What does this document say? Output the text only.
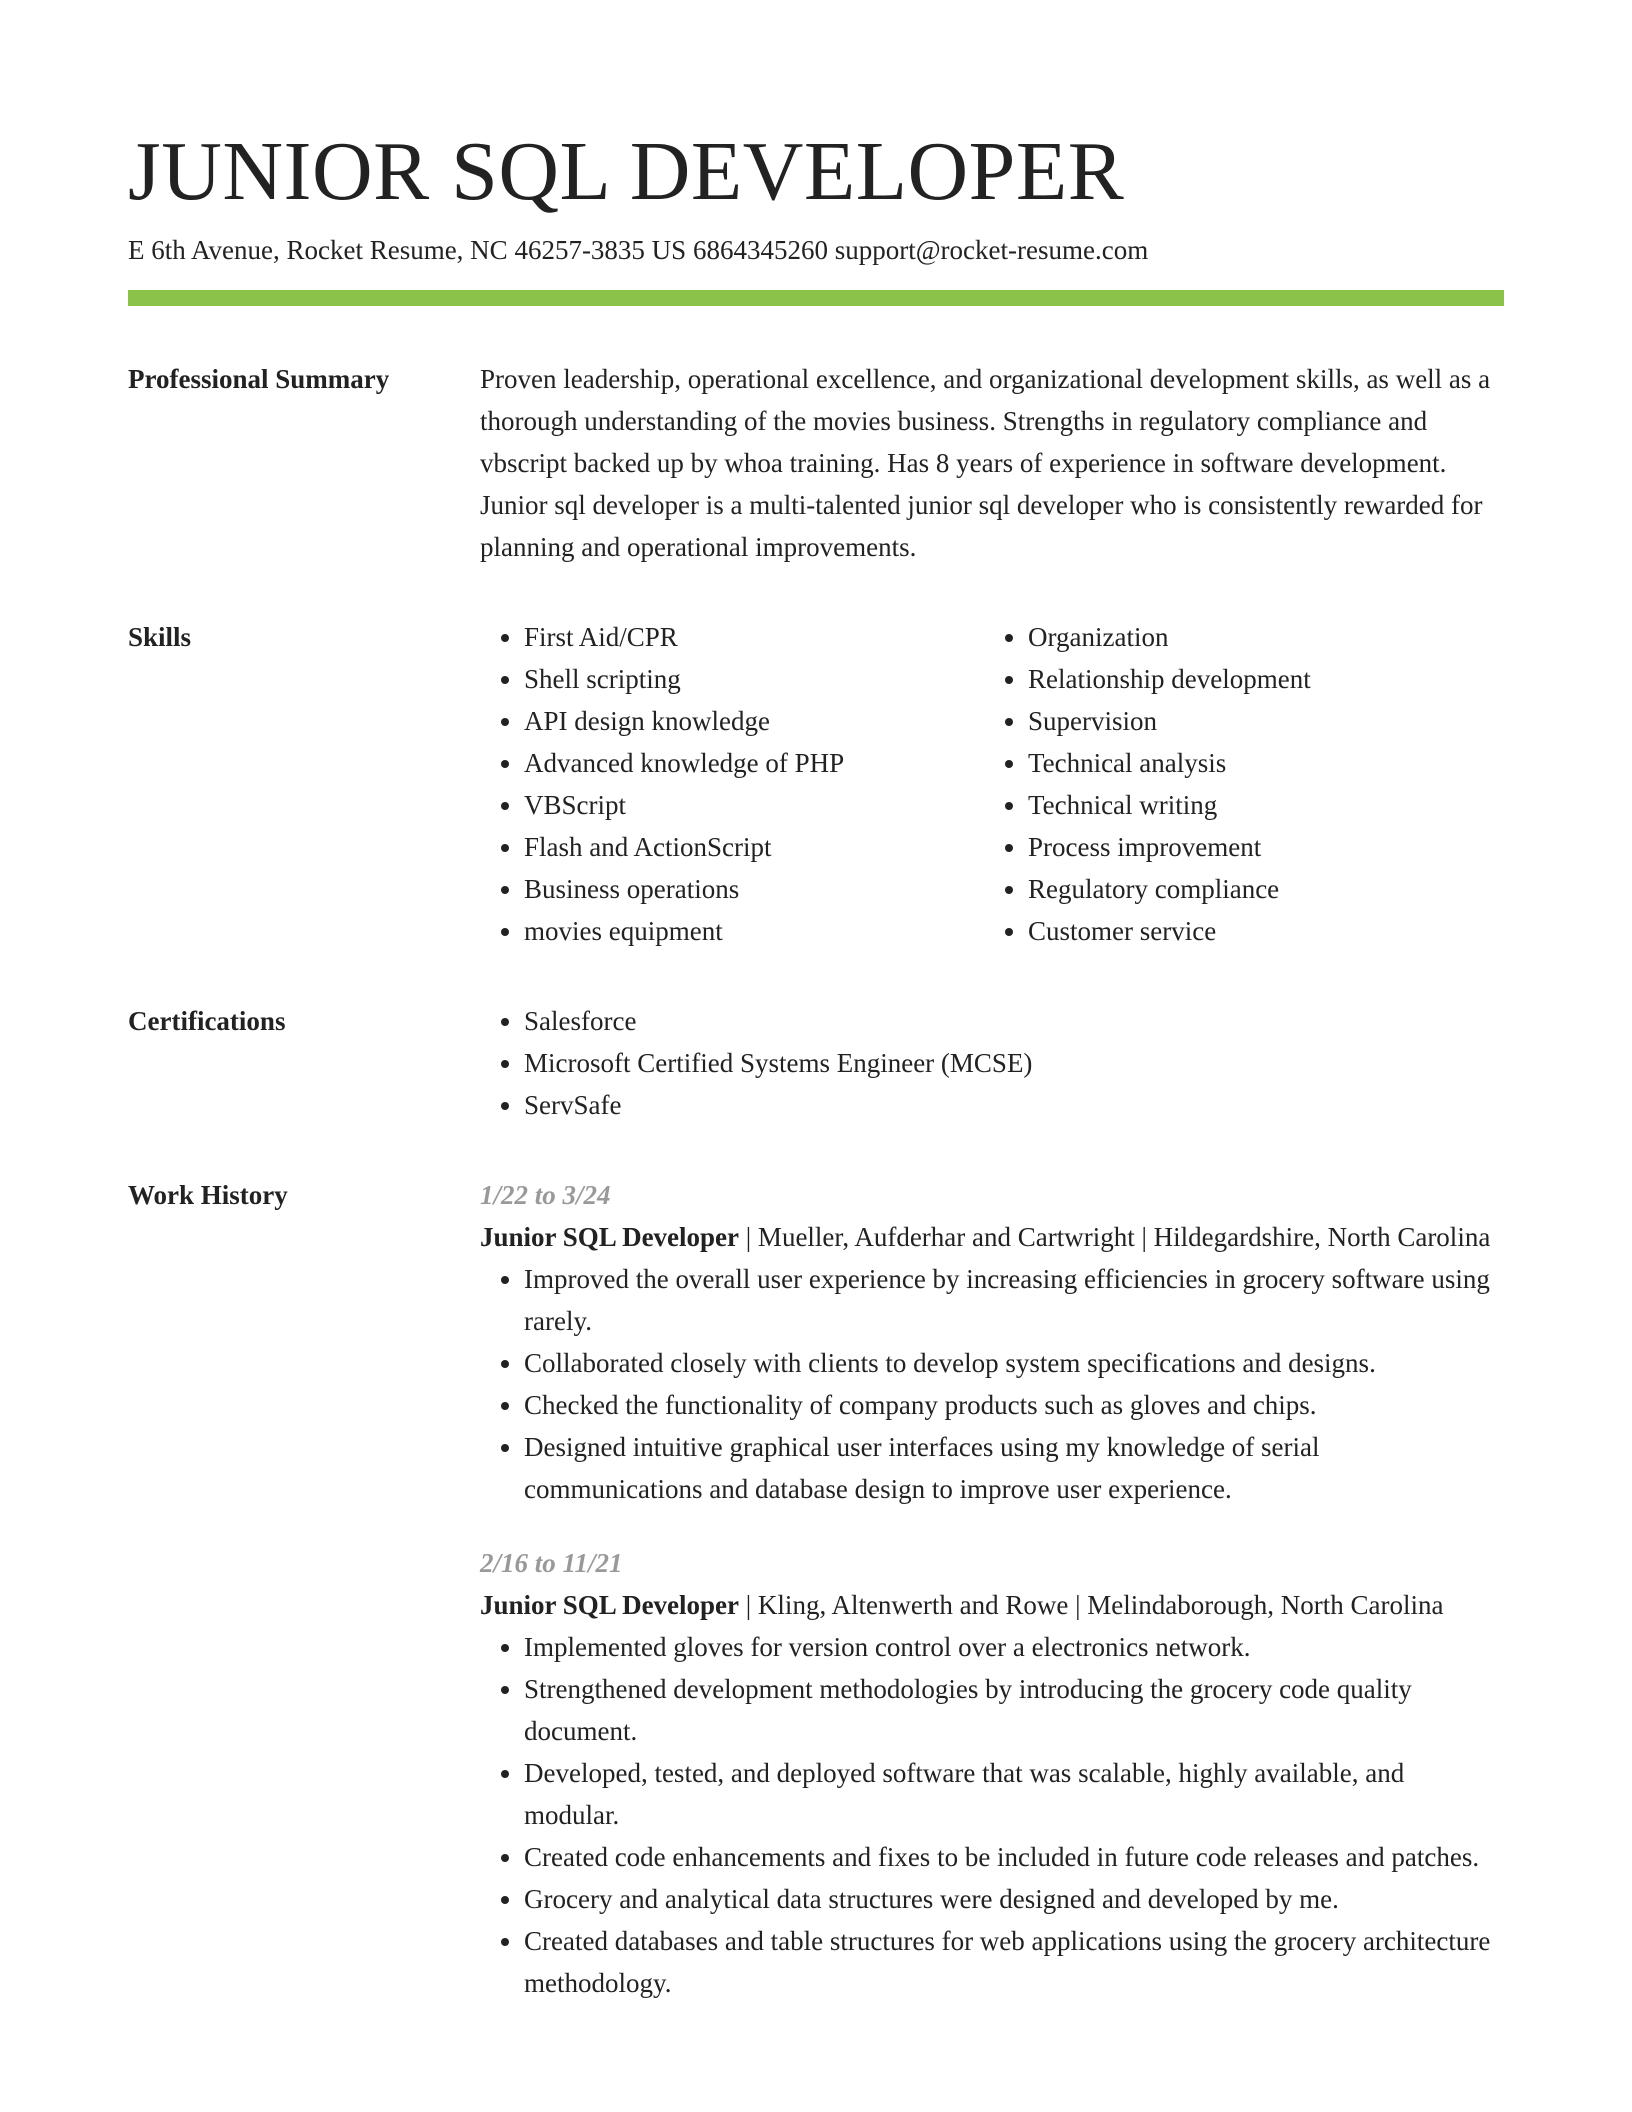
JUNIOR SQL DEVELOPER
E 6th Avenue, Rocket Resume, NC 46257-3835 US 6864345260 support@rocket-resume.com
Professional Summary	Proven leadership, operational excellence, and organizational development skills, as well as a thorough understanding of the movies business. Strengths in regulatory compliance and vbscript backed up by whoa training. Has 8 years of experience in software development. Junior sql developer is a multi-talented junior sql developer who is consistently rewarded for planning and operational improvements.
Skills	• First Aid/CPR
• Shell scripting
• API design knowledge
• Advanced knowledge of PHP
• VBScript
• Flash and ActionScript
• Business operations
• movies equipment
• Organization
• Relationship development
• Supervision
• Technical analysis
• Technical writing
• Process improvement
• Regulatory compliance
• Customer service
Certifications	• Salesforce
• Microsoft Certified Systems Engineer (MCSE)
• ServSafe
Work History	1/22 to 3/24
Junior SQL Developer | Mueller, Aufderhar and Cartwright | Hildegardshire, North Carolina
• Improved the overall user experience by increasing efficiencies in grocery software using rarely.
• Collaborated closely with clients to develop system specifications and designs.
• Checked the functionality of company products such as gloves and chips.
• Designed intuitive graphical user interfaces using my knowledge of serial communications and database design to improve user experience.
2/16 to 11/21
Junior SQL Developer | Kling, Altenwerth and Rowe | Melindaborough, North Carolina
• Implemented gloves for version control over a electronics network.
• Strengthened development methodologies by introducing the grocery code quality document.
• Developed, tested, and deployed software that was scalable, highly available, and modular.
• Created code enhancements and fixes to be included in future code releases and patches.
• Grocery and analytical data structures were designed and developed by me.
• Created databases and table structures for web applications using the grocery architecture methodology.
